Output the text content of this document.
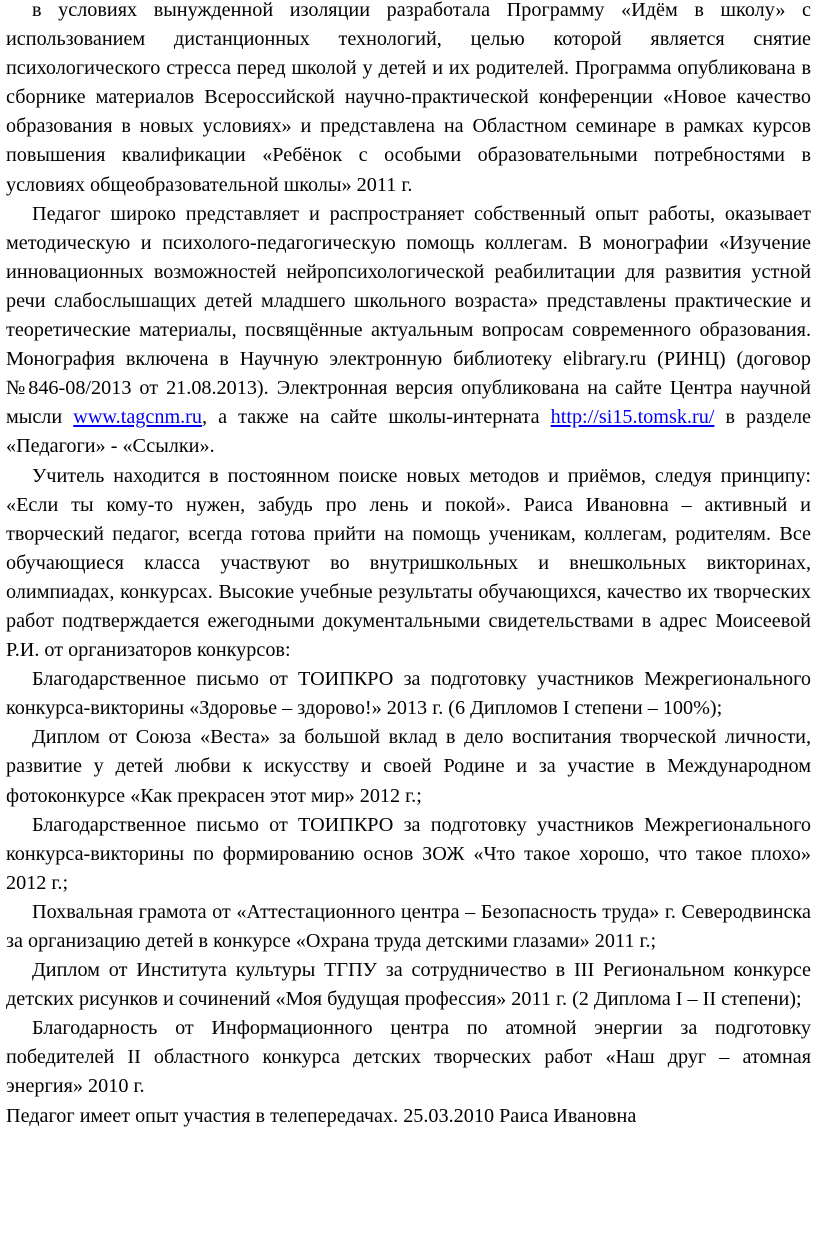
в условиях вынужденной изоляции разработала Программу «Идём в школу» с использованием дистанционных технологий, целью которой является снятие психологического стресса перед школой у детей и их родителей. Программа опубликована в сборнике материалов Всероссийской научно-практической конференции «Новое качество образования в новых условиях» и представлена на Областном семинаре в рамках курсов повышения квалификации «Ребёнок с особыми образовательными потребностями в условиях общеобразовательной школы» 2011 г.

Педагог широко представляет и распространяет собственный опыт работы, оказывает методическую и психолого-педагогическую помощь коллегам. В монографии «Изучение инновационных возможностей нейропсихологической реабилитации для развития устной речи слабослышащих детей младшего школьного возраста» представлены практические и теоретические материалы, посвящённые актуальным вопросам современного образования. Монография включена в Научную электронную библиотеку elibrary.ru (РИНЦ) (договор №846-08/2013 от 21.08.2013). Электронная версия опубликована на сайте Центра научной мысли www.tagcnm.ru, а также на сайте школы-интерната http://si15.tomsk.ru/ в разделе «Педагоги» - «Ссылки».

Учитель находится в постоянном поиске новых методов и приёмов, следуя принципу: «Если ты кому-то нужен, забудь про лень и покой». Раиса Ивановна – активный и творческий педагог, всегда готова прийти на помощь ученикам, коллегам, родителям. Все обучающиеся класса участвуют во внутришкольных и внешкольных викторинах, олимпиадах, конкурсах. Высокие учебные результаты обучающихся, качество их творческих работ подтверждается ежегодными документальными свидетельствами в адрес Моисеевой Р.И. от организаторов конкурсов:

Благодарственное письмо от ТОИПКРО за подготовку участников Межрегионального конкурса-викторины «Здоровье – здорово!» 2013 г. (6 Дипломов I степени – 100%);

Диплом от Союза «Веста» за большой вклад в дело воспитания творческой личности, развитие у детей любви к искусству и своей Родине и за участие в Международном фотоконкурсе «Как прекрасен этот мир» 2012 г.;

Благодарственное письмо от ТОИПКРО за подготовку участников Межрегионального конкурса-викторины по формированию основ ЗОЖ «Что такое хорошо, что такое плохо» 2012 г.;

Похвальная грамота от «Аттестационного центра – Безопасность труда» г. Северодвинска за организацию детей в конкурсе «Охрана труда детскими глазами» 2011 г.;

Диплом от Института культуры ТГПУ за сотрудничество в III Региональном конкурсе детских рисунков и сочинений «Моя будущая профессия» 2011 г. (2 Диплома I – II степени);

Благодарность от Информационного центра по атомной энергии за подготовку победителей II областного конкурса детских творческих работ «Наш друг – атомная энергия» 2010 г.

Педагог имеет опыт участия в телепередачах. 25.03.2010 Раиса Ивановна
